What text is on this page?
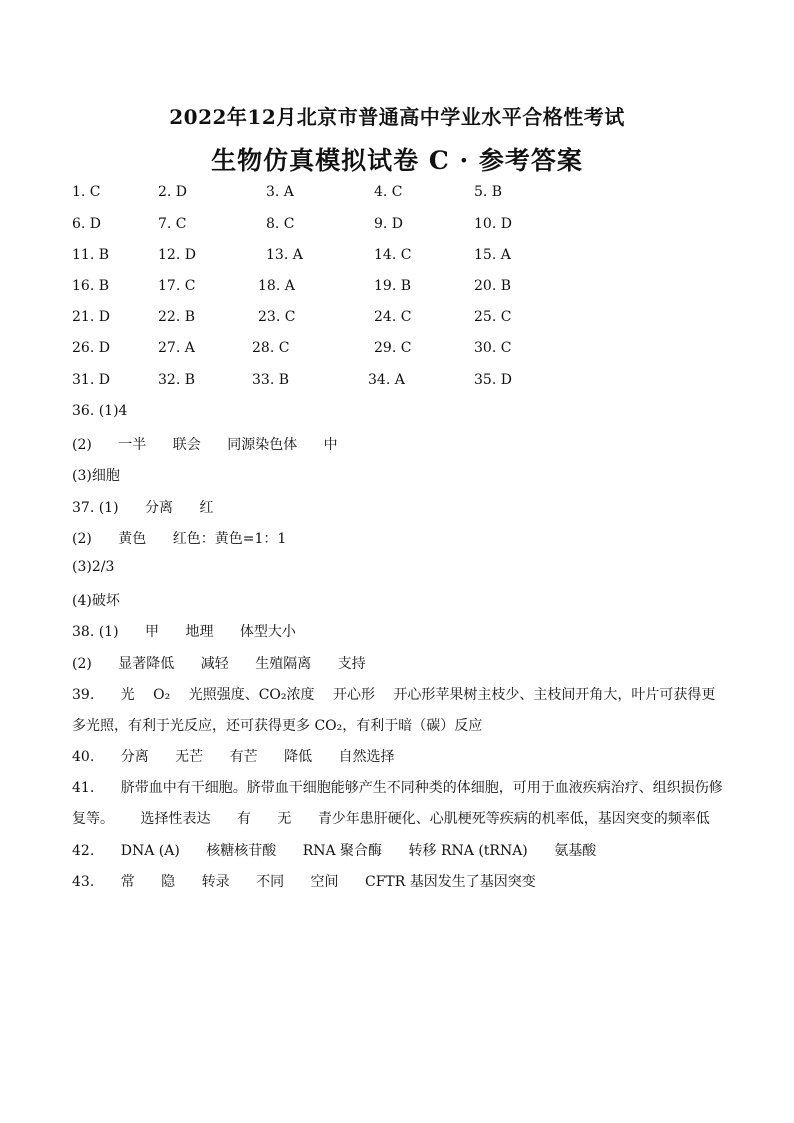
2022年12月北京市普通高中学业水平合格性考试
生物仿真模拟试卷 C · 参考答案
1. C	2. D	3. A	4. C	5. B
6. D	7. C	8. C	9. D	10. D
11. B	12. D	13. A	14. C	15. A
16. B	17. C	18. A	19. B	20. B
21. D	22. B	23. C	24. C	25. C
26. D	27. A	28. C	29. C	30. C
31. D	32. B	33. B	34. A	35. D
36. (1)4
(2) 一半 联会 同源染色体 中
(3)细胞
37. (1) 分离 红
(2) 黄色 红色：黄色=1：1
(3)2/3
(4)破坏
38. (1) 甲 地理 体型大小
(2) 显著降低 减轻 生殖隔离 支持
39. 光 O₂ 光照强度、CO₂浓度 开心形 开心形苹果树主枝少、主枝间开角大，叶片可获得更
多光照，有利于光反应，还可获得更多 CO₂，有利于暗（碳）反应
40. 分离 无芒 有芒 降低 自然选择
41. 脐带血中有干细胞。脐带血干细胞能够产生不同种类的体细胞，可用于血液疾病治疗、组织损伤修
复等。 选择性表达 有 无 青少年患肝硬化、心肌梗死等疾病的机率低，基因突变的频率低
42. DNA (A) 核糖核苷酸 RNA 聚合酶 转移 RNA (tRNA) 氨基酸
43. 常 隐 转录 不同 空间 CFTR 基因发生了基因突变
